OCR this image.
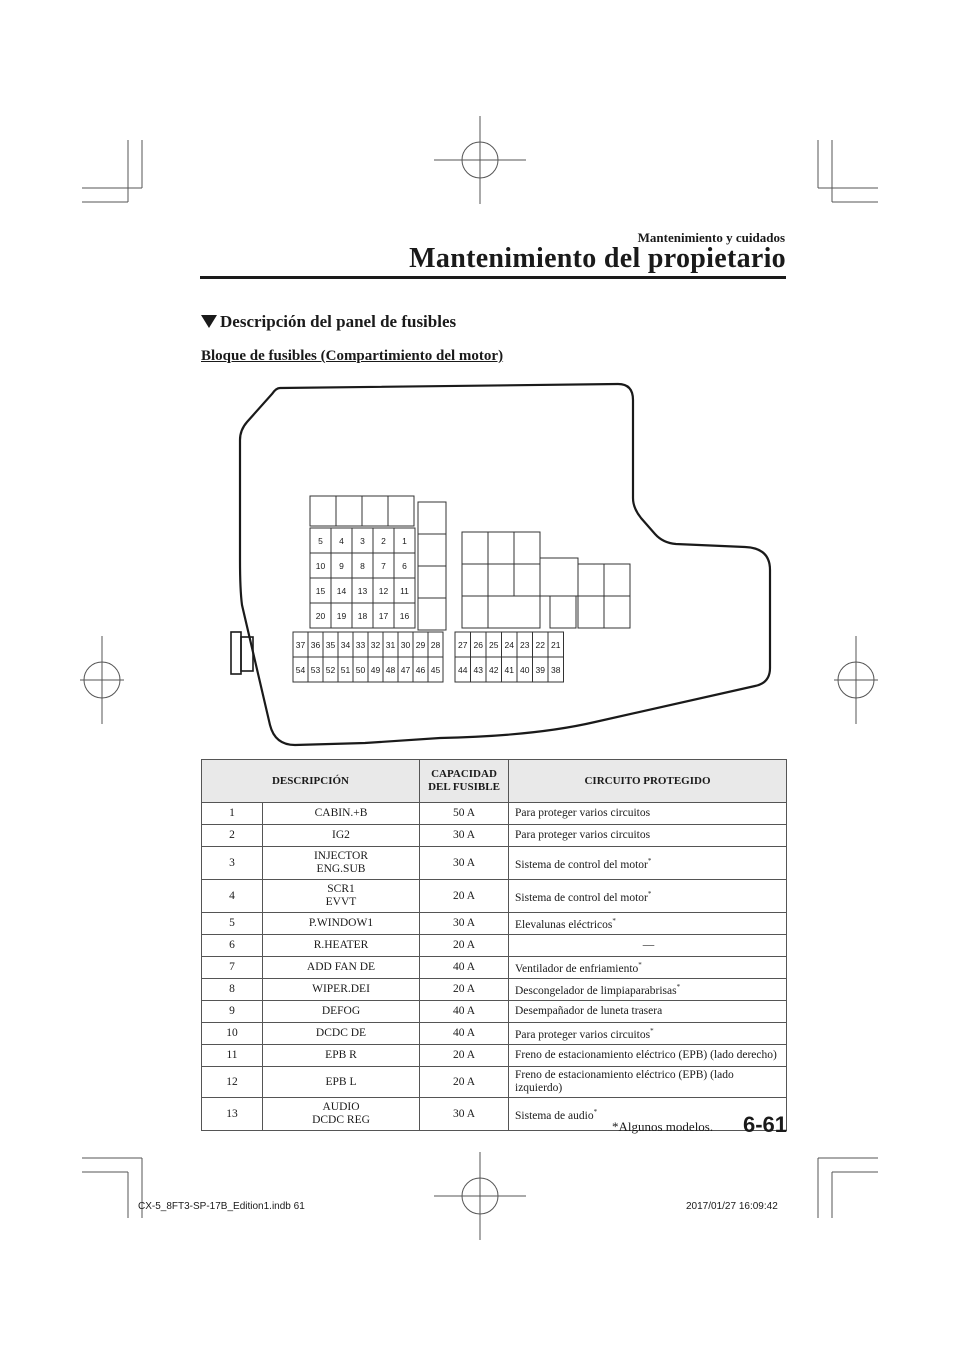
Mantenimiento y cuidados
Mantenimiento del propietario
Descripción del panel de fusibles
Bloque de fusibles (Compartimiento del motor)
5 4 3 2 1
10 9 8 7 6
15 14 13 12 11
20 19 18 17 16
37
54
36
53
35
52
34
51
33
50
32
49
31
48
30
47
29
46
28
45
27
44
26
43
25
42
24
41
23
40
22
39
21
38
DESCRIPCIÓN		CAPACIDAD
DEL FUSIBLE	CIRCUITO PROTEGIDO
1	CABIN.+B	50 A	Para proteger varios circuitos
2	IG2	30 A	Para proteger varios circuitos
3	INJECTOR
ENG.SUB	30 A	Sistema de control del motor*
4	SCR1
EVVT	20 A	Sistema de control del motor*
5	P.WINDOW1	30 A	Elevalunas eléctricos*
6	R.HEATER	20 A	—
7	ADD FAN DE	40 A	Ventilador de enfriamiento*
8	WIPER.DEI	20 A	Descongelador de limpiaparabrisas*
9	DEFOG	40 A	Desempañador de luneta trasera
10	DCDC DE	40 A	Para proteger varios circuitos*
11	EPB R	20 A	Freno de estacionamiento eléctrico (EPB) (lado derecho)
12	EPB L	20 A	Freno de estacionamiento eléctrico (EPB) (lado izquierdo)
13	AUDIO
DCDC REG	30 A	Sistema de audio*
*Algunos modelos. 6-61
CX-5_8FT3-SP-17B_Edition1.indb 61	2017/01/27 16:09:42
